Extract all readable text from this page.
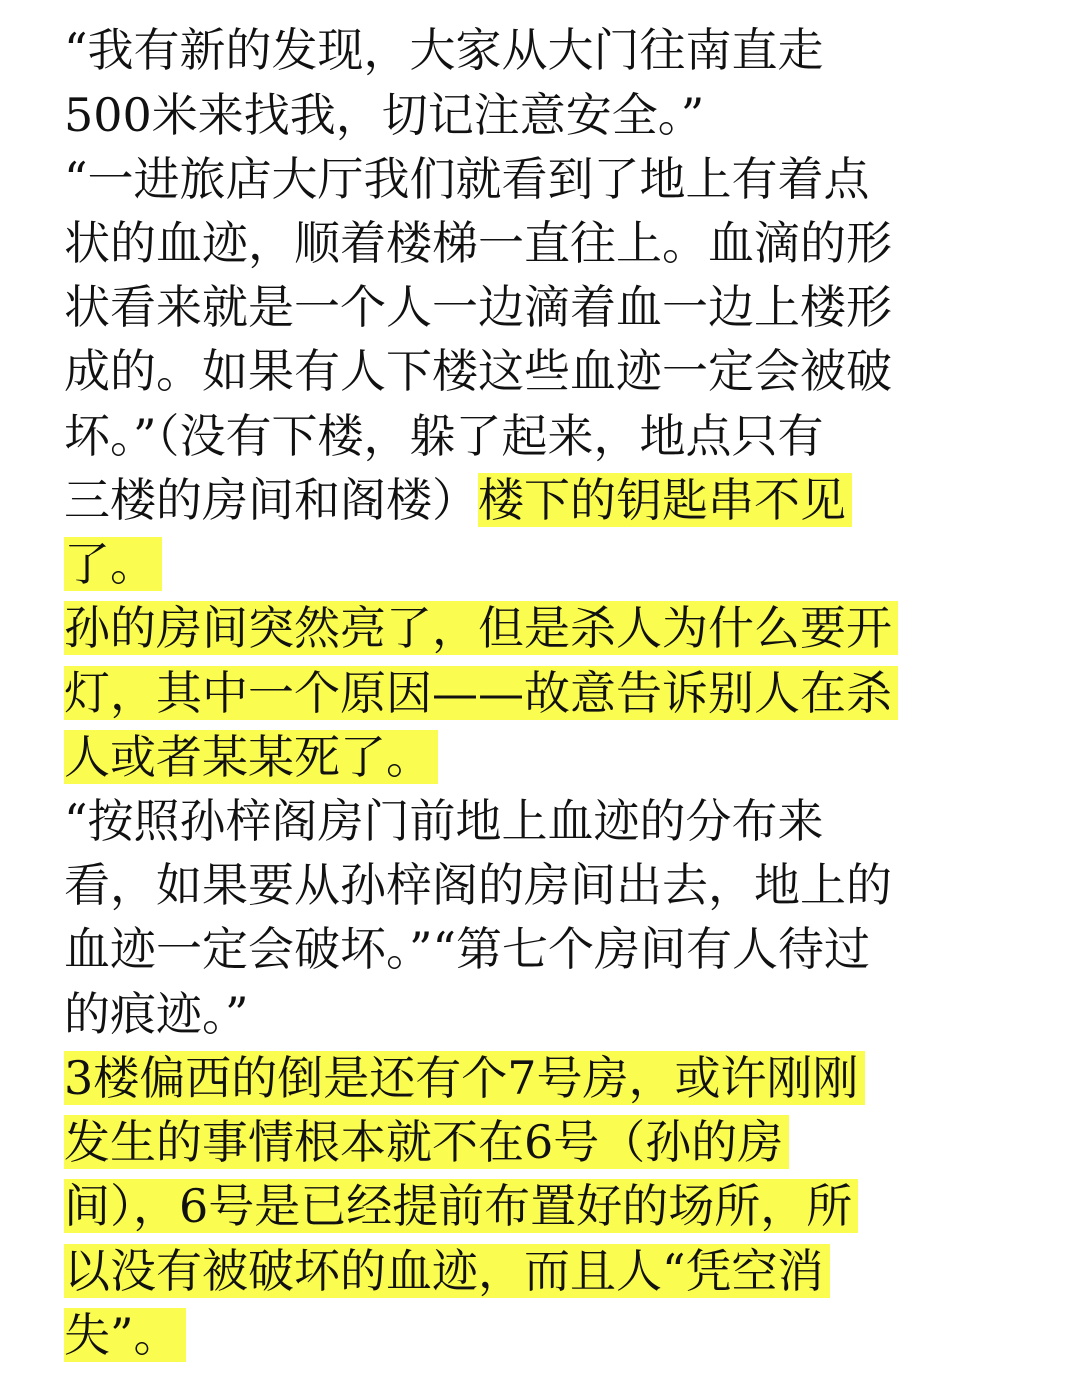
“我有新的发现，大家从大门往南直走
500米来找我，切记注意安全。”
“一进旅店大厅我们就看到了地上有着点
状的血迹，顺着楼梯一直往上。血滴的形
状看来就是一个人一边滴着血一边上楼形
成的。如果有人下楼这些血迹一定会被破
坏。”（没有下楼，躲了起来，地点只有
三楼的房间和阁楼）楼下的钥匙串不见
了。
孙的房间突然亮了，但是杀人为什么要开
灯，其中一个原因——故意告诉别人在杀
人或者某某死了。
“按照孙梓阁房门前地上血迹的分布来
看，如果要从孙梓阁的房间出去，地上的
血迹一定会破坏。”“第七个房间有人待过
的痕迹。”
3楼偏西的倒是还有个7号房，或许刚刚
发生的事情根本就不在6号（孙的房
间），6号是已经提前布置好的场所，所
以没有被破坏的血迹，而且人“凭空消
失”。
